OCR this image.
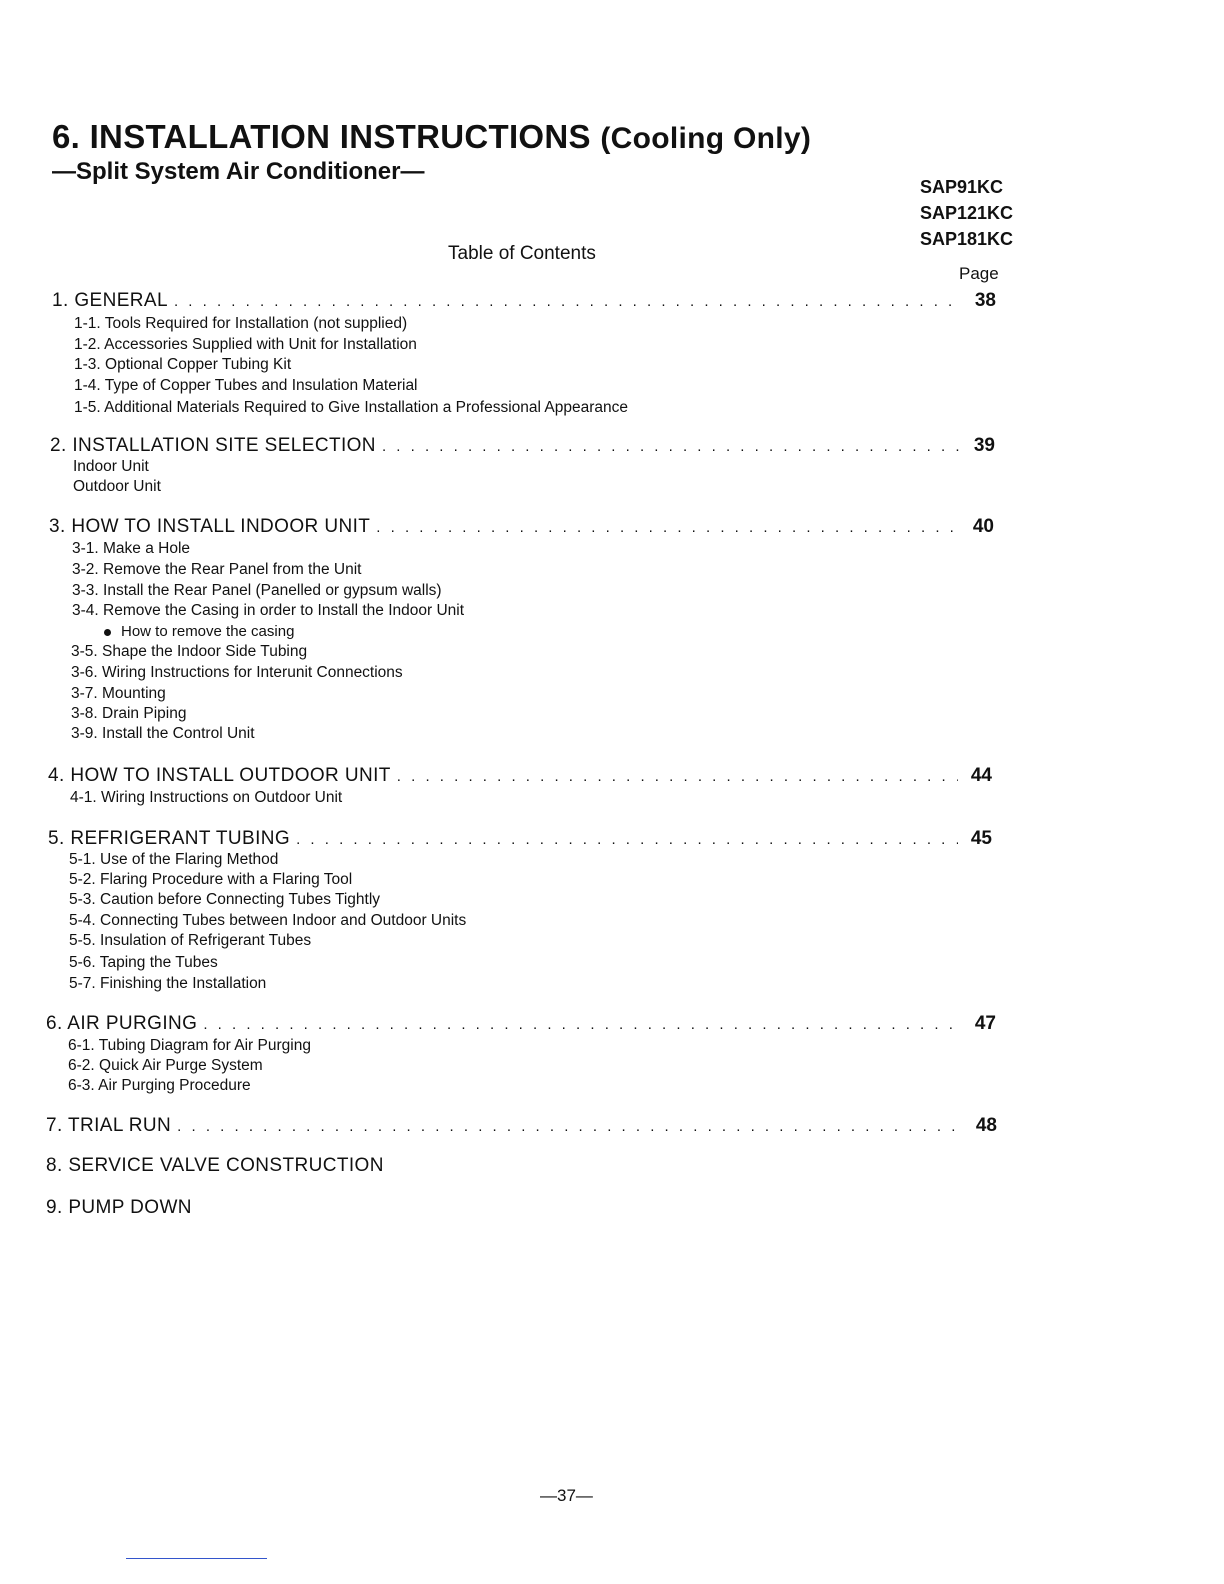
6. INSTALLATION INSTRUCTIONS (Cooling Only)
—Split System Air Conditioner—
SAP91KC
SAP121KC
SAP181KC
Table of Contents
Page
1. GENERAL . . .	38
1-1. Tools Required for Installation (not supplied)
1-2. Accessories Supplied with Unit for Installation
1-3. Optional Copper Tubing Kit
1-4. Type of Copper Tubes and Insulation Material
1-5. Additional Materials Required to Give Installation a Professional Appearance
2. INSTALLATION SITE SELECTION . . .	39
Indoor Unit
Outdoor Unit
3. HOW TO INSTALL INDOOR UNIT . . .	40
3-1. Make a Hole
3-2. Remove the Rear Panel from the Unit
3-3. Install the Rear Panel (Panelled or gypsum walls)
3-4. Remove the Casing in order to Install the Indoor Unit
How to remove the casing
3-5. Shape the Indoor Side Tubing
3-6. Wiring Instructions for Interunit Connections
3-7. Mounting
3-8. Drain Piping
3-9. Install the Control Unit
4. HOW TO INSTALL OUTDOOR UNIT . . .	44
4-1. Wiring Instructions on Outdoor Unit
5. REFRIGERANT TUBING . . .	45
5-1. Use of the Flaring Method
5-2. Flaring Procedure with a Flaring Tool
5-3. Caution before Connecting Tubes Tightly
5-4. Connecting Tubes between Indoor and Outdoor Units
5-5. Insulation of Refrigerant Tubes
5-6. Taping the Tubes
5-7. Finishing the Installation
6. AIR PURGING . . .	47
6-1. Tubing Diagram for Air Purging
6-2. Quick Air Purge System
6-3. Air Purging Procedure
7. TRIAL RUN . . .	48
8. SERVICE VALVE CONSTRUCTION
9. PUMP DOWN
—37—
